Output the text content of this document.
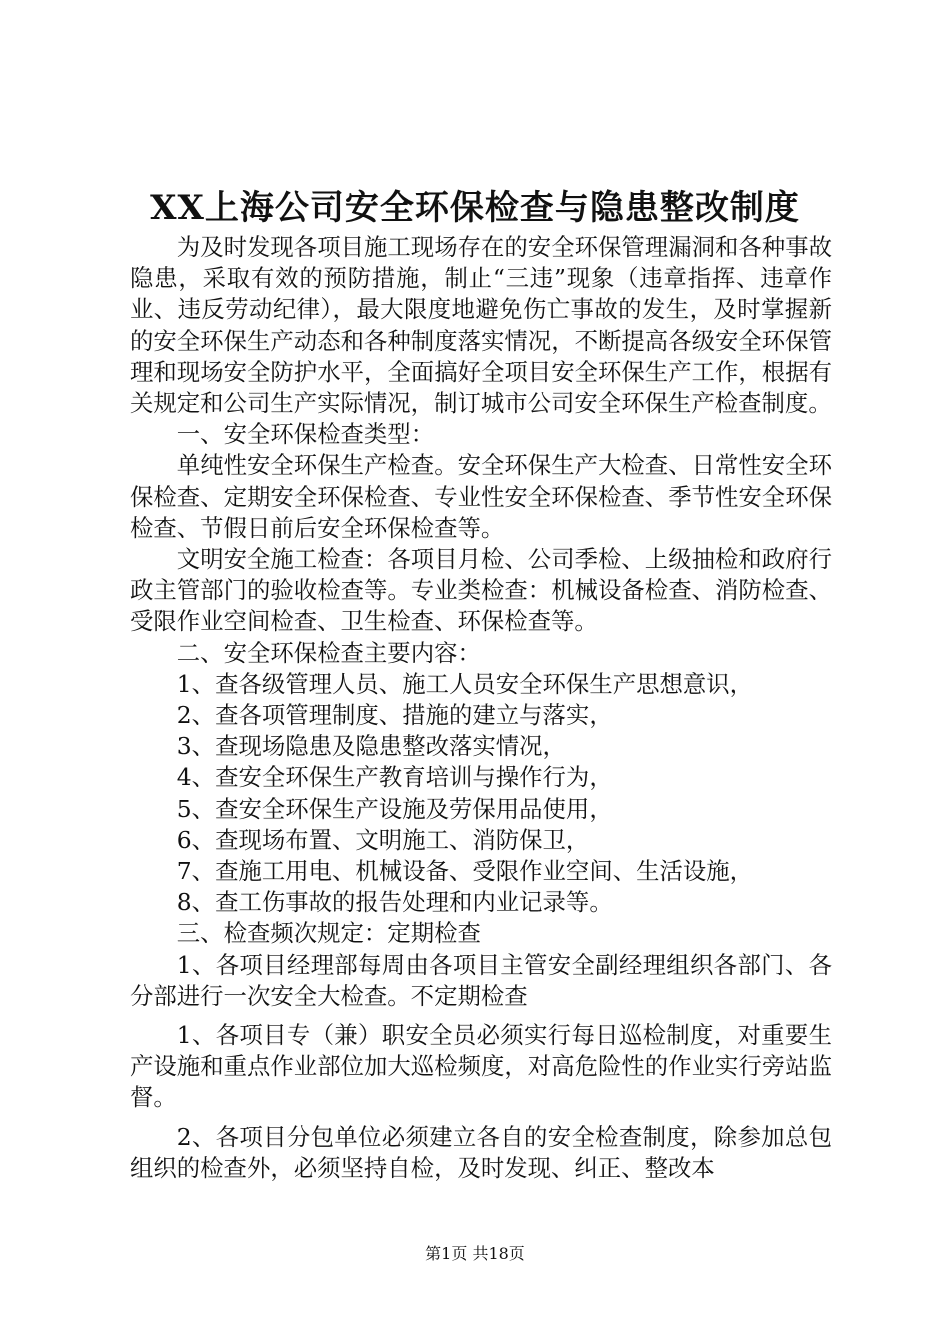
XX上海公司安全环保检查与隐患整改制度

为及时发现各项目施工现场存在的安全环保管理漏洞和各种事故隐患，采取有效的预防措施，制止“三违”现象（违章指挥、违章作业、违反劳动纪律），最大限度地避免伤亡事故的发生，及时掌握新的安全环保生产动态和各种制度落实情况，不断提高各级安全环保管理和现场安全防护水平，全面搞好全项目安全环保生产工作，根据有关规定和公司生产实际情况，制订城市公司安全环保生产检查制度。

一、安全环保检查类型：

单纯性安全环保生产检查。安全环保生产大检查、日常性安全环保检查、定期安全环保检查、专业性安全环保检查、季节性安全环保检查、节假日前后安全环保检查等。

文明安全施工检查：各项目月检、公司季检、上级抽检和政府行政主管部门的验收检查等。专业类检查：机械设备检查、消防检查、受限作业空间检查、卫生检查、环保检查等。

二、安全环保检查主要内容：

1、查各级管理人员、施工人员安全环保生产思想意识，

2、查各项管理制度、措施的建立与落实，

3、查现场隐患及隐患整改落实情况，

4、查安全环保生产教育培训与操作行为，

5、查安全环保生产设施及劳保用品使用，

6、查现场布置、文明施工、消防保卫，

7、查施工用电、机械设备、受限作业空间、生活设施，

8、查工伤事故的报告处理和内业记录等。

三、检查频次规定：定期检查

1、各项目经理部每周由各项目主管安全副经理组织各部门、各分部进行一次安全大检查。不定期检查

1、各项目专（兼）职安全员必须实行每日巡检制度，对重要生产设施和重点作业部位加大巡检频度，对高危险性的作业实行旁站监督。

2、各项目分包单位必须建立各自的安全检查制度，除参加总包组织的检查外，必须坚持自检，及时发现、纠正、整改本

第1页 共18页
